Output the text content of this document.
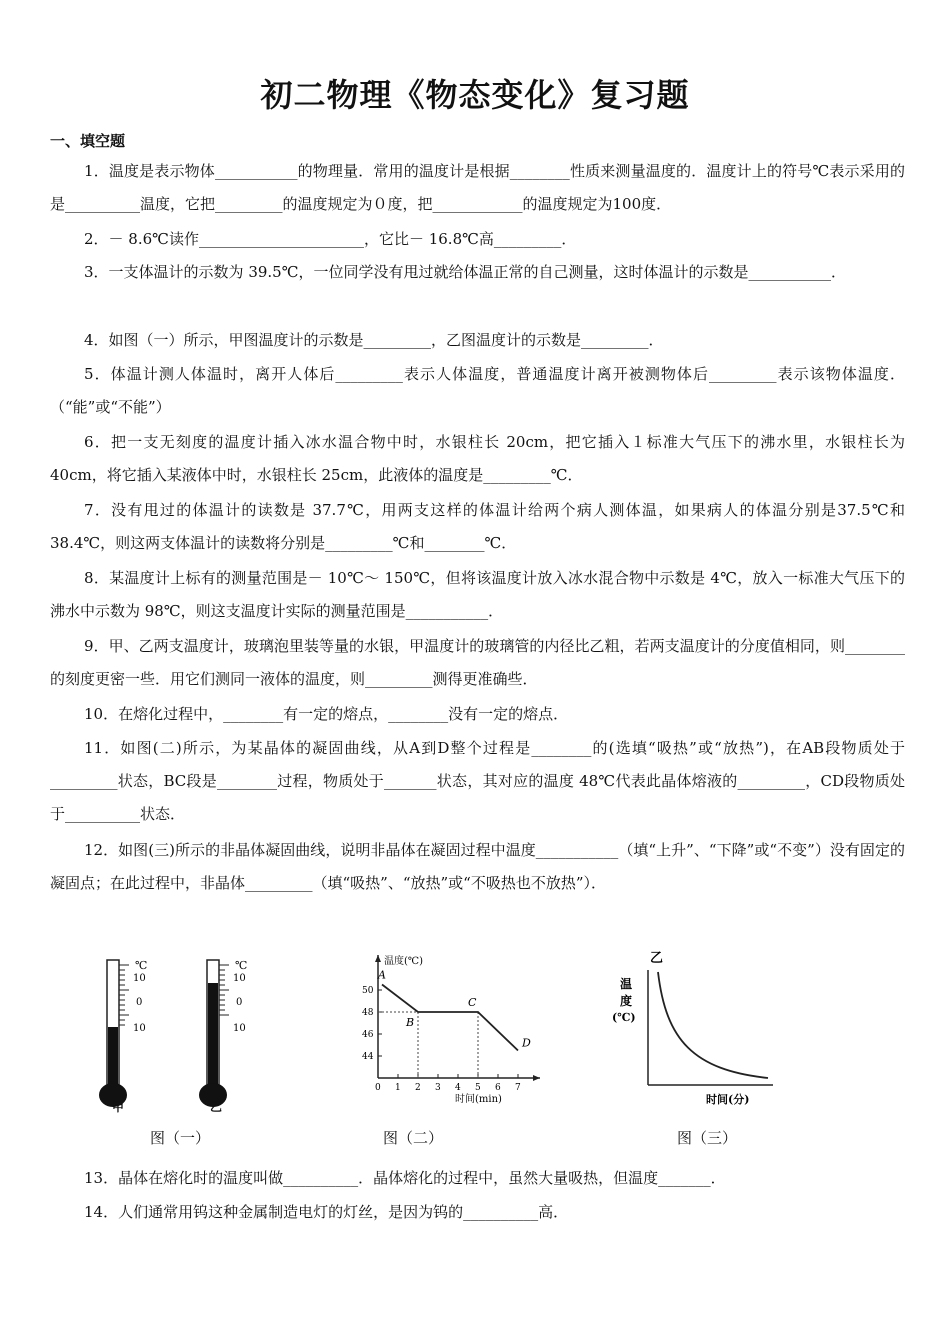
初二物理《物态变化》复习题
一、填空题
1．温度是表示物体___________的物理量．常用的温度计是根据________性质来测量温度的．温度计上的符号℃表示采用的是__________温度，它把_________的温度规定为０度，把____________的温度规定为100度．
2．－ 8.6℃读作______________________，它比－ 16.8℃高_________．
3．一支体温计的示数为 39.5℃，一位同学没有甩过就给体温正常的自己测量，这时体温计的示数是___________．
4．如图（一）所示，甲图温度计的示数是_________，乙图温度计的示数是_________．
5．体温计测人体温时，离开人体后_________表示人体温度，普通温度计离开被测物体后_________表示该物体温度．（“能”或“不能”）
6．把一支无刻度的温度计插入冰水温合物中时，水银柱长 20cm，把它插入１标准大气压下的沸水里，水银柱长为 40cm，将它插入某液体中时，水银柱长 25cm，此液体的温度是_________℃．
7．没有甩过的体温计的读数是 37.7℃，用两支这样的体温计给两个病人测体温，如果病人的体温分别是37.5℃和 38.4℃，则这两支体温计的读数将分别是_________℃和________℃．
8．某温度计上标有的测量范围是－ 10℃～ 150℃，但将该温度计放入冰水混合物中示数是 4℃，放入一标准大气压下的沸水中示数为 98℃，则这支温度计实际的测量范围是___________．
9．甲、乙两支温度计，玻璃泡里装等量的水银，甲温度计的玻璃管的内径比乙粗，若两支温度计的分度值相同，则________的刻度更密一些．用它们测同一液体的温度，则_________测得更准确些．
10．在熔化过程中，________有一定的熔点，________没有一定的熔点．
11．如图(二)所示，为某晶体的凝固曲线，从A到D整个过程是________的(选填“吸热”或“放热”)，在AB段物质处于_________状态，BC段是________过程，物质处于_______状态，其对应的温度 48℃代表此晶体熔液的_________，CD段物质处于__________状态．
12．如图(三)所示的非晶体凝固曲线，说明非晶体在凝固过程中温度___________（填“上升”、“下降”或“不变”）没有固定的凝固点；在此过程中，非晶体_________（填“吸热”、“放热”或“不吸热也不放热”）．
℃
10
0
10
℃
10
0
10
甲	乙
温度(℃)
时间(min)
0 1 2 3 4 5 6 7
50
48
46
44
A
B
C
D
乙
温
度
(℃)
时间(分)
图（一）	图（二）	图（三）
13．晶体在熔化时的温度叫做__________．晶体熔化的过程中，虽然大量吸热，但温度_______．
14．人们通常用钨这种金属制造电灯的灯丝，是因为钨的__________高．
